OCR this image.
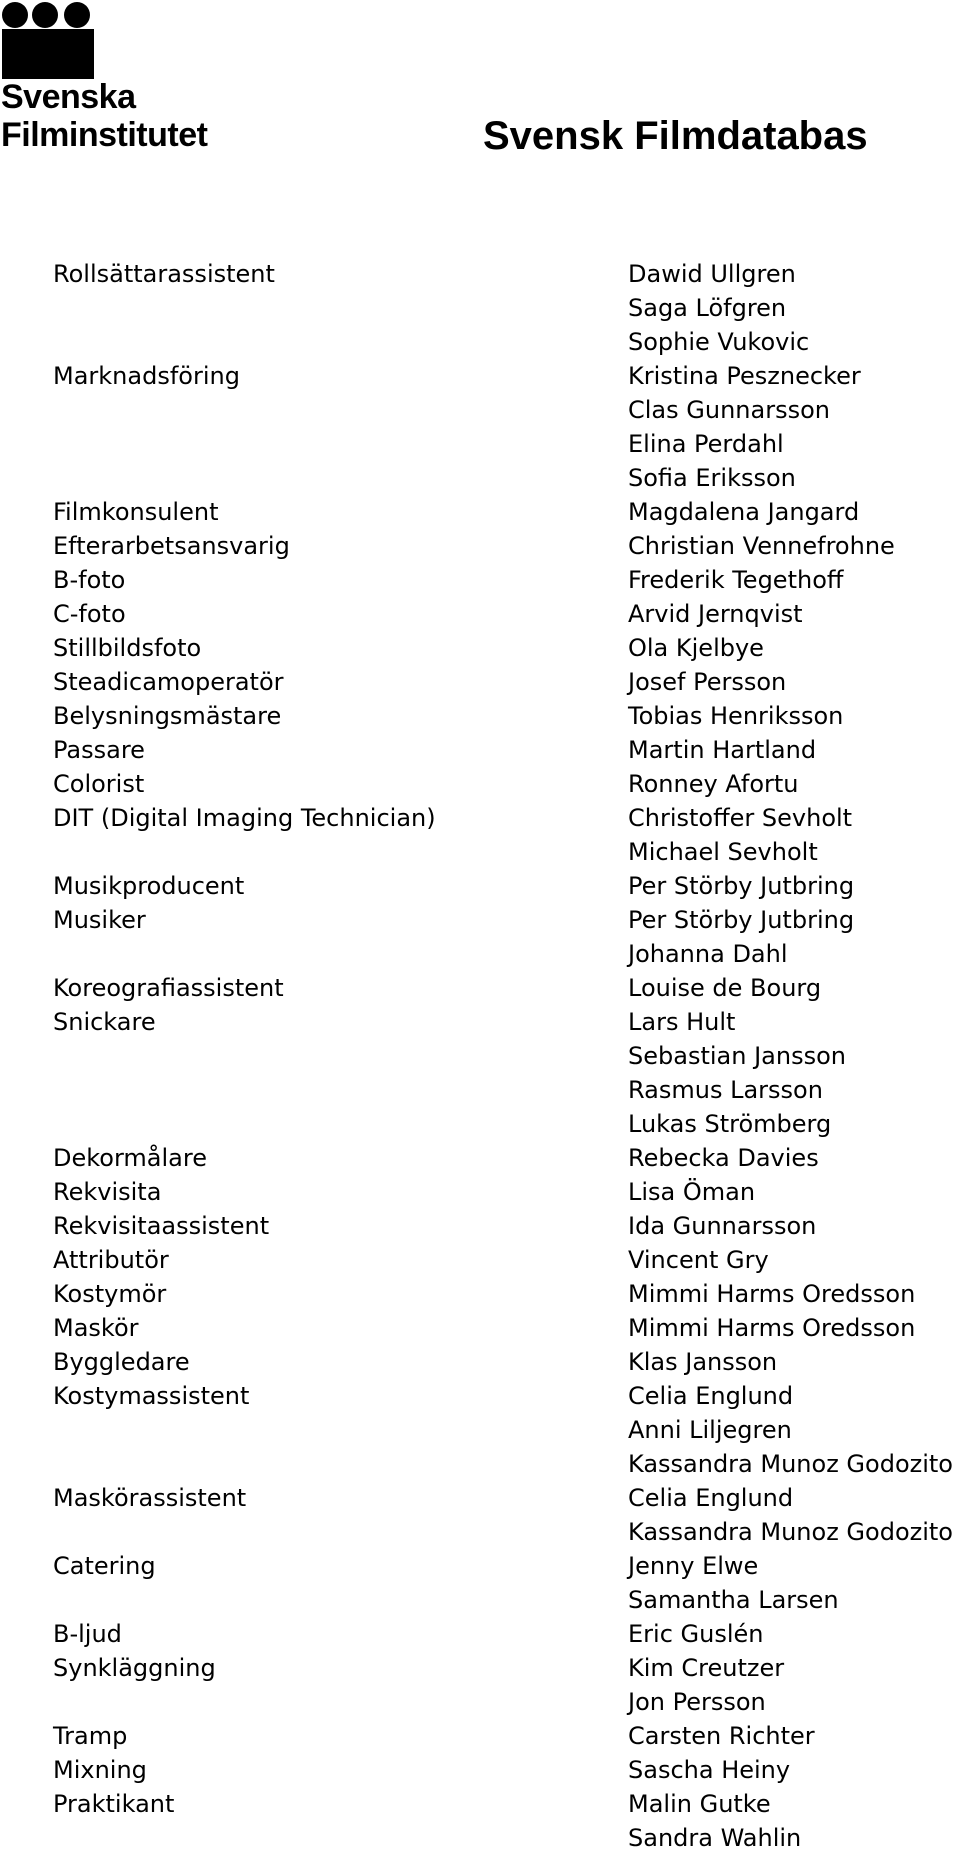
Svenska
Filminstitutet	Svensk Filmdatabas
Rollsättarassistent	Dawid Ullgren
Saga Löfgren
Sophie Vukovic
Marknadsföring	Kristina Pesznecker
Clas Gunnarsson
Elina Perdahl
Sofia Eriksson
Filmkonsulent	Magdalena Jangard
Efterarbetsansvarig	Christian Vennefrohne
B-foto	Frederik Tegethoff
C-foto	Arvid Jernqvist
Stillbildsfoto	Ola Kjelbye
Steadicamoperatör	Josef Persson
Belysningsmästare	Tobias Henriksson
Passare	Martin Hartland
Colorist	Ronney Afortu
DIT (Digital Imaging Technician)	Christoffer Sevholt
Michael Sevholt
Musikproducent	Per Störby Jutbring
Musiker	Per Störby Jutbring
Johanna Dahl
Koreografiassistent	Louise de Bourg
Snickare	Lars Hult
Sebastian Jansson
Rasmus Larsson
Lukas Strömberg
Dekormålare	Rebecka Davies
Rekvisita	Lisa Öman
Rekvisitaassistent	Ida Gunnarsson
Attributör	Vincent Gry
Kostymör	Mimmi Harms Oredsson
Maskör	Mimmi Harms Oredsson
Byggledare	Klas Jansson
Kostymassistent	Celia Englund
Anni Liljegren
Kassandra Munoz Godozito
Maskörassistent	Celia Englund
Kassandra Munoz Godozito
Catering	Jenny Elwe
Samantha Larsen
B-ljud	Eric Guslén
Synkläggning	Kim Creutzer
Jon Persson
Tramp	Carsten Richter
Mixning	Sascha Heiny
Praktikant	Malin Gutke
Sandra Wahlin
